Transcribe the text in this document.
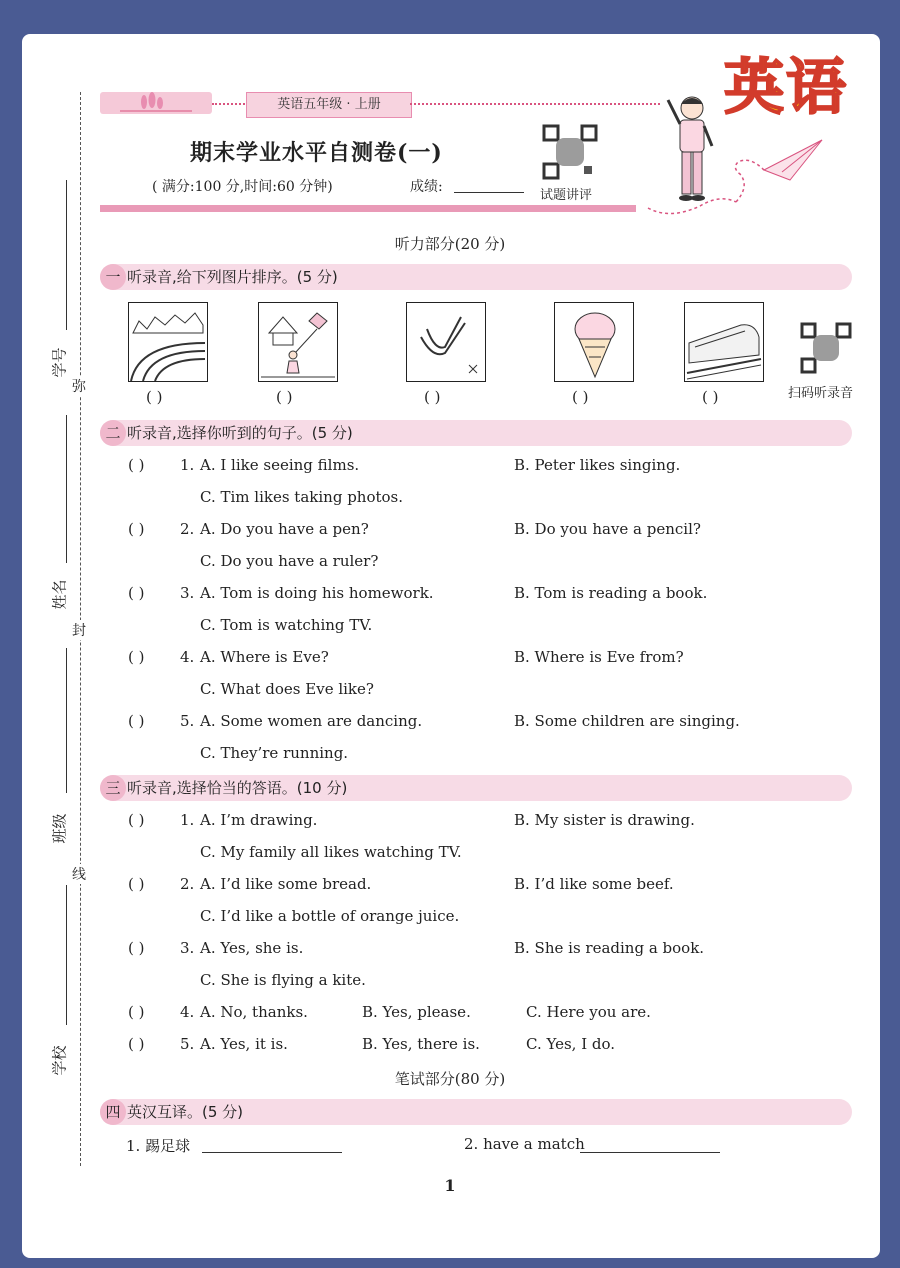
英语五年级 · 上册	英语
期末学业水平自测卷(一)
( 满分:100 分,时间:60 分钟)	成绩:
试题讲评
弥
封
线
学号
姓名
班级
学校
听力部分(20 分)
一 听录音,给下列图片排序。(5 分)
( )	( )	( )	( )	( )	扫码听录音
二 听录音,选择你听到的句子。(5 分)
( ) 1. A. I like seeing films.	B. Peter likes singing.
C. Tim likes taking photos.
( ) 2. A. Do you have a pen?	B. Do you have a pencil?
C. Do you have a ruler?
( ) 3. A. Tom is doing his homework.	B. Tom is reading a book.
C. Tom is watching TV.
( ) 4. A. Where is Eve?	B. Where is Eve from?
C. What does Eve like?
( ) 5. A. Some women are dancing.	B. Some children are singing.
C. They’re running.
三 听录音,选择恰当的答语。(10 分)
( ) 1. A. I’m drawing.	B. My sister is drawing.
C. My family all likes watching TV.
( ) 2. A. I’d like some bread.	B. I’d like some beef.
C. I’d like a bottle of orange juice.
( ) 3. A. Yes, she is.	B. She is reading a book.
C. She is flying a kite.
( ) 4. A. No, thanks.	B. Yes, please.	C. Here you are.
( ) 5. A. Yes, it is.	B. Yes, there is.	C. Yes, I do.
笔试部分(80 分)
四 英汉互译。(5 分)
1. 踢足球	2. have a match
1
